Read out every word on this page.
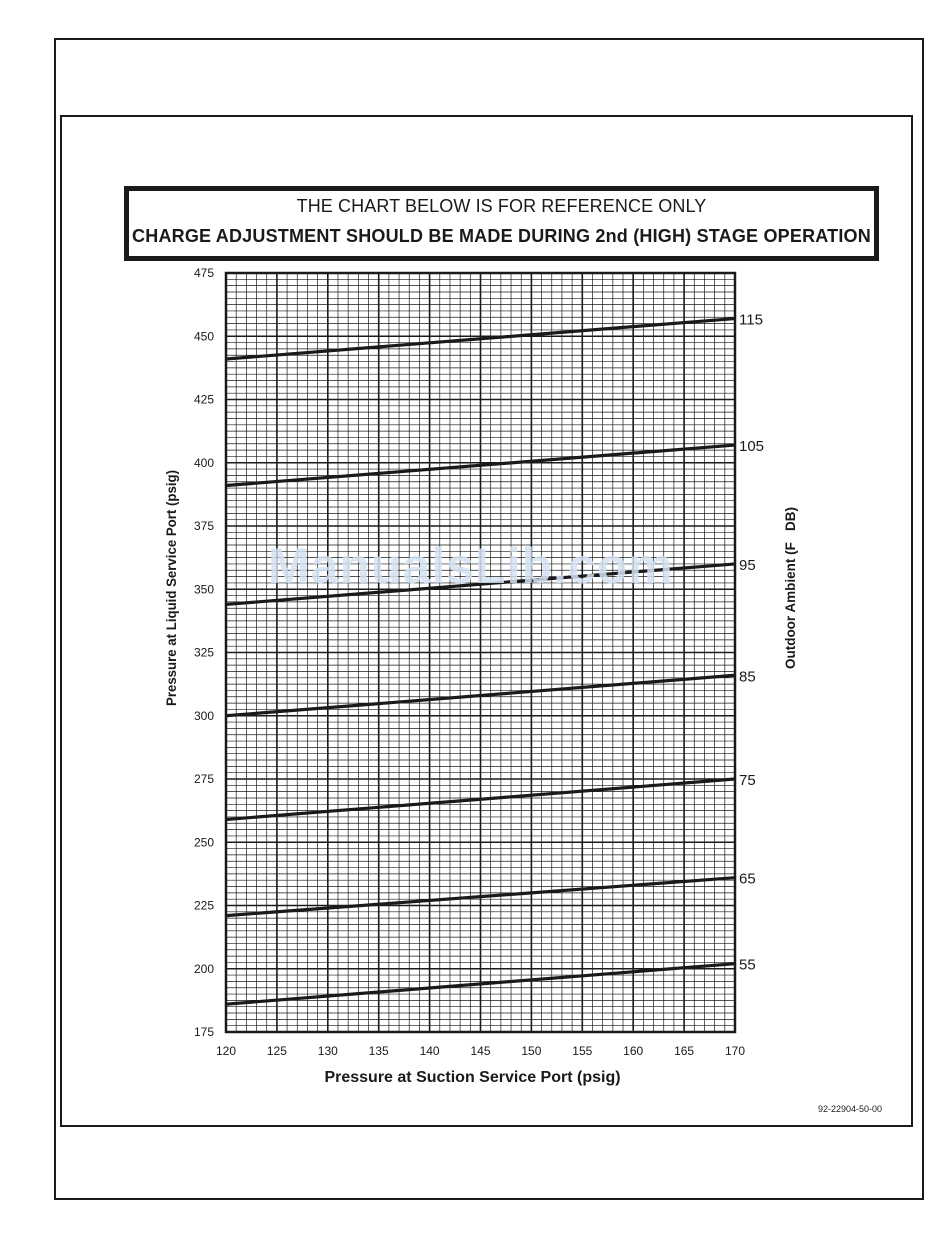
THE CHART BELOW IS FOR REFERENCE ONLY
CHARGE ADJUSTMENT SHOULD BE MADE DURING 2nd (HIGH) STAGE OPERATION
175
200
225
250
275
300
325
350
375
400
425
450
475
120	125	130	135	140	145	150	155	160	165	170
115
105
95
85
75
65
55
Pressure at Suction Service Port (psig)
Pressure at Liquid Service Port (psig)	Outdoor Ambient (F   DB)
ManualsLib.com
92-22904-50-00
